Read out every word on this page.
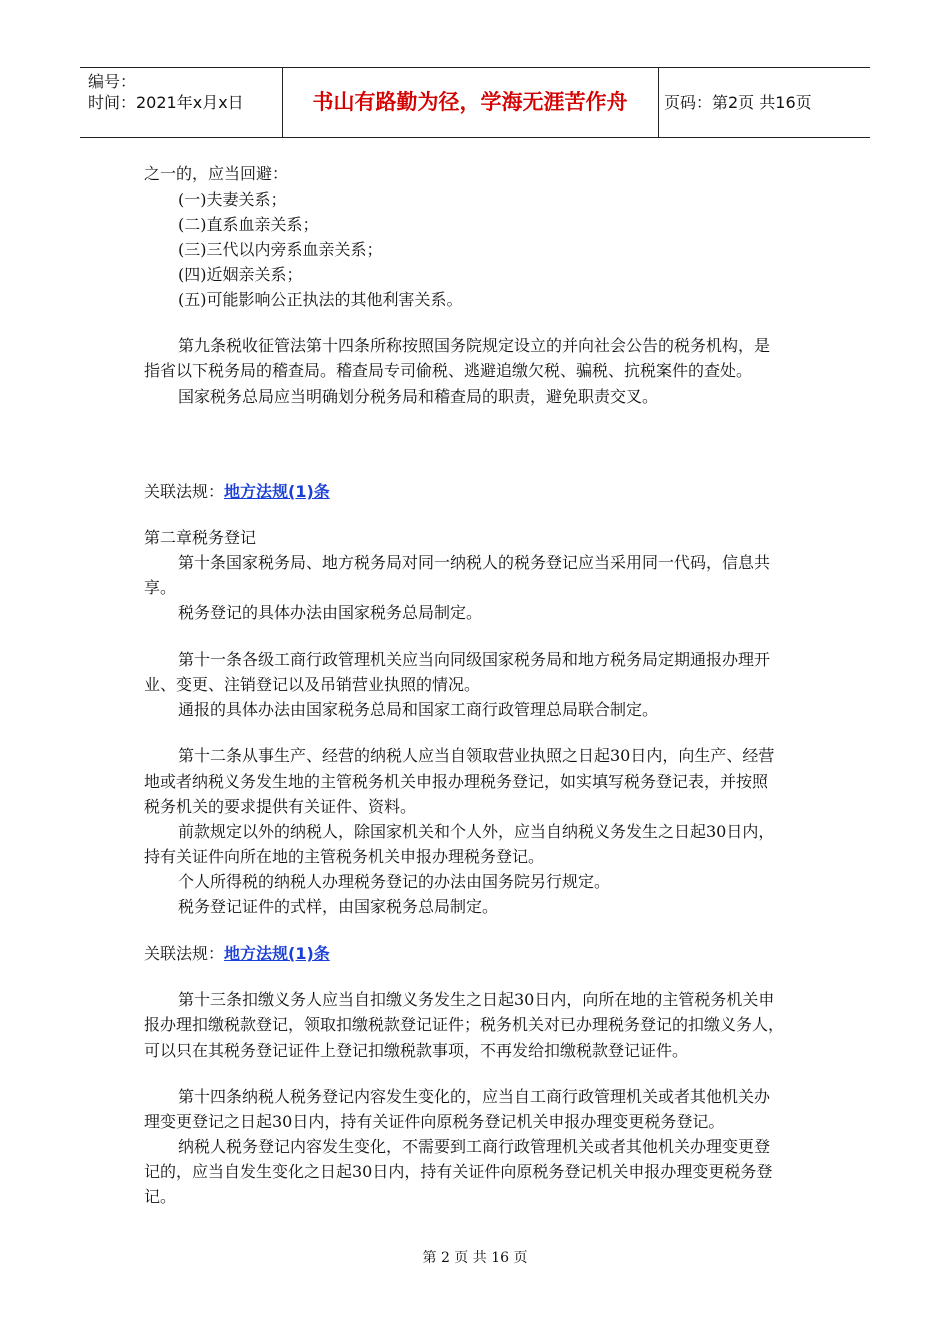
编号：
时间：2021年x月x日	书山有路勤为径，学海无涯苦作舟	页码：第2页 共16页
之一的，应当回避：
(一)夫妻关系；
(二)直系血亲关系；
(三)三代以内旁系血亲关系；
(四)近姻亲关系；
(五)可能影响公正执法的其他利害关系。
第九条税收征管法第十四条所称按照国务院规定设立的并向社会公告的税务机构，是
指省以下税务局的稽查局。稽查局专司偷税、逃避追缴欠税、骗税、抗税案件的查处。
国家税务总局应当明确划分税务局和稽查局的职责，避免职责交叉。
关联法规：地方法规(1)条
第二章税务登记
第十条国家税务局、地方税务局对同一纳税人的税务登记应当采用同一代码，信息共
享。
税务登记的具体办法由国家税务总局制定。
第十一条各级工商行政管理机关应当向同级国家税务局和地方税务局定期通报办理开
业、变更、注销登记以及吊销营业执照的情况。
通报的具体办法由国家税务总局和国家工商行政管理总局联合制定。
第十二条从事生产、经营的纳税人应当自领取营业执照之日起30日内，向生产、经营
地或者纳税义务发生地的主管税务机关申报办理税务登记，如实填写税务登记表，并按照
税务机关的要求提供有关证件、资料。
前款规定以外的纳税人，除国家机关和个人外，应当自纳税义务发生之日起30日内，
持有关证件向所在地的主管税务机关申报办理税务登记。
个人所得税的纳税人办理税务登记的办法由国务院另行规定。
税务登记证件的式样，由国家税务总局制定。
关联法规：地方法规(1)条
第十三条扣缴义务人应当自扣缴义务发生之日起30日内，向所在地的主管税务机关申
报办理扣缴税款登记，领取扣缴税款登记证件；税务机关对已办理税务登记的扣缴义务人，
可以只在其税务登记证件上登记扣缴税款事项，不再发给扣缴税款登记证件。
第十四条纳税人税务登记内容发生变化的，应当自工商行政管理机关或者其他机关办
理变更登记之日起30日内，持有关证件向原税务登记机关申报办理变更税务登记。
纳税人税务登记内容发生变化，不需要到工商行政管理机关或者其他机关办理变更登
记的，应当自发生变化之日起30日内，持有关证件向原税务登记机关申报办理变更税务登
记。
第 2 页 共 16 页
